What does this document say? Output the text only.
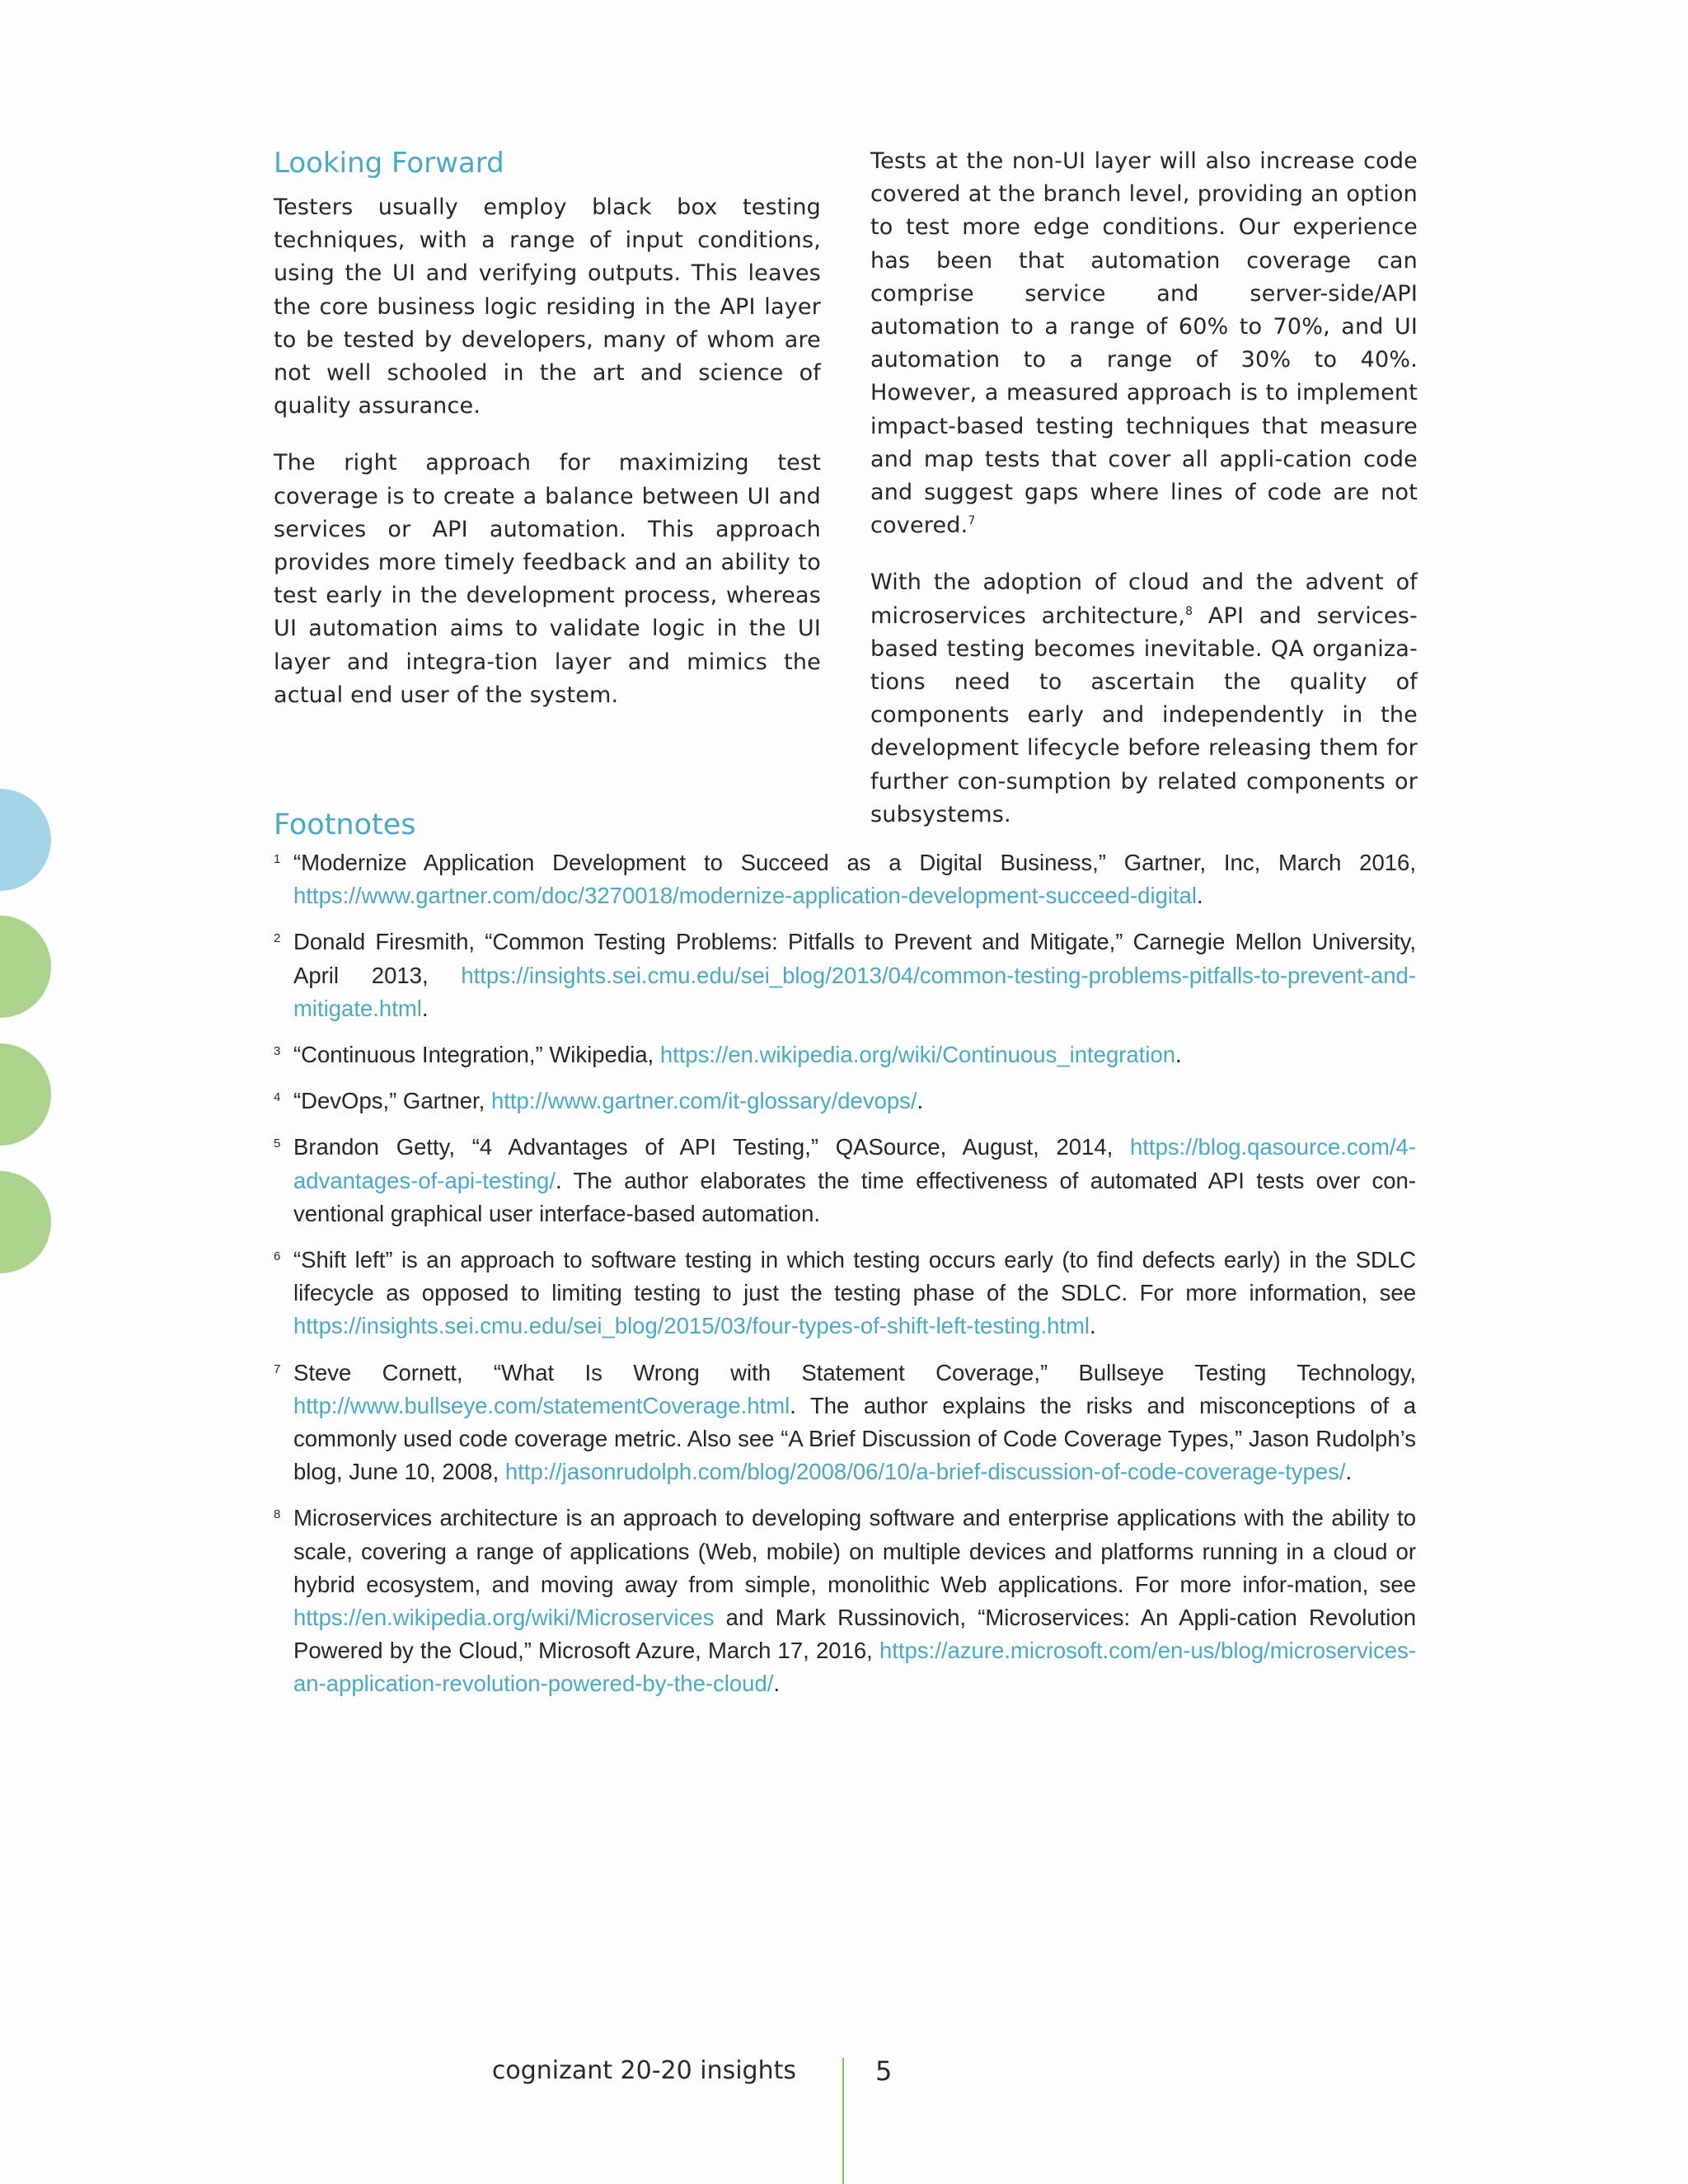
Looking Forward

Testers usually employ black box testing techniques, with a range of input conditions, using the UI and verifying outputs. This leaves the core business logic residing in the API layer to be tested by developers, many of whom are not well schooled in the art and science of quality assurance.

The right approach for maximizing test coverage is to create a balance between UI and services or API automation. This approach provides more timely feedback and an ability to test early in the development process, whereas UI automation aims to validate logic in the UI layer and integra-tion layer and mimics the actual end user of the system.

Tests at the non-UI layer will also increase code covered at the branch level, providing an option to test more edge conditions. Our experience has been that automation coverage can comprise service and server-side/API automation to a range of 60% to 70%, and UI automation to a range of 30% to 40%. However, a measured approach is to implement impact-based testing techniques that measure and map tests that cover all appli-cation code and suggest gaps where lines of code are not covered.$^7$

With the adoption of cloud and the advent of microservices architecture,$^8$ API and services-based testing becomes inevitable. QA organiza-tions need to ascertain the quality of components early and independently in the development lifecycle before releasing them for further con-sumption by related components or subsystems.

Footnotes
1 “Modernize Application Development to Succeed as a Digital Business,” Gartner, Inc, March 2016, https://www.gartner.com/doc/3270018/modernize-application-development-succeed-digital.
2 Donald Firesmith, “Common Testing Problems: Pitfalls to Prevent and Mitigate,” Carnegie Mellon University, April 2013, https://insights.sei.cmu.edu/sei_blog/2013/04/common-testing-problems-pitfalls-to-prevent-and-mitigate.html.
3 “Continuous Integration,” Wikipedia, https://en.wikipedia.org/wiki/Continuous_integration.
4 “DevOps,” Gartner, http://www.gartner.com/it-glossary/devops/.
5 Brandon Getty, “4 Advantages of API Testing,” QASource, August, 2014, https://blog.qasource.com/4-advantages-of-api-testing/. The author elaborates the time effectiveness of automated API tests over con-ventional graphical user interface-based automation.
6 “Shift left” is an approach to software testing in which testing occurs early (to find defects early) in the SDLC lifecycle as opposed to limiting testing to just the testing phase of the SDLC. For more information, see https://insights.sei.cmu.edu/sei_blog/2015/03/four-types-of-shift-left-testing.html.
7 Steve Cornett, “What Is Wrong with Statement Coverage,” Bullseye Testing Technology, http://www.bullseye.com/statementCoverage.html. The author explains the risks and misconceptions of a commonly used code coverage metric. Also see “A Brief Discussion of Code Coverage Types,” Jason Rudolph’s blog, June 10, 2008, http://jasonrudolph.com/blog/2008/06/10/a-brief-discussion-of-code-coverage-types/.
8 Microservices architecture is an approach to developing software and enterprise applications with the ability to scale, covering a range of applications (Web, mobile) on multiple devices and platforms running in a cloud or hybrid ecosystem, and moving away from simple, monolithic Web applications. For more infor-mation, see https://en.wikipedia.org/wiki/Microservices and Mark Russinovich, “Microservices: An Appli-cation Revolution Powered by the Cloud,” Microsoft Azure, March 17, 2016, https://azure.microsoft.com/en-us/blog/microservices-an-application-revolution-powered-by-the-cloud/.
cognizant 20-20 insights	5
